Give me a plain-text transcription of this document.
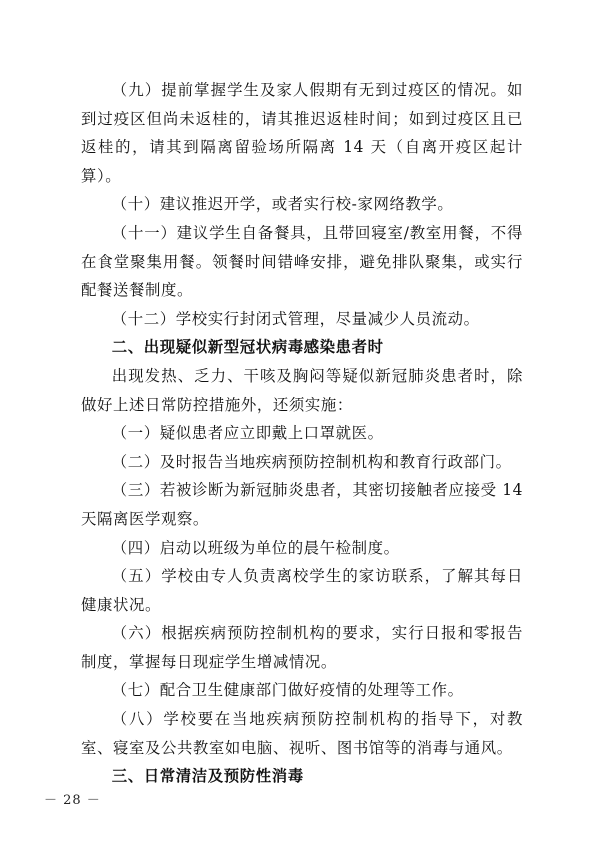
（九）提前掌握学生及家人假期有无到过疫区的情况。如到过疫区但尚未返桂的，请其推迟返桂时间；如到过疫区且已返桂的，请其到隔离留验场所隔离 14 天（自离开疫区起计算）。

（十）建议推迟开学，或者实行校-家网络教学。

（十一）建议学生自备餐具，且带回寝室/教室用餐，不得在食堂聚集用餐。领餐时间错峰安排，避免排队聚集，或实行配餐送餐制度。

（十二）学校实行封闭式管理，尽量减少人员流动。

二、出现疑似新型冠状病毒感染患者时

出现发热、乏力、干咳及胸闷等疑似新冠肺炎患者时，除做好上述日常防控措施外，还须实施：

（一）疑似患者应立即戴上口罩就医。

（二）及时报告当地疾病预防控制机构和教育行政部门。

（三）若被诊断为新冠肺炎患者，其密切接触者应接受 14 天隔离医学观察。

（四）启动以班级为单位的晨午检制度。

（五）学校由专人负责离校学生的家访联系，了解其每日健康状况。

（六）根据疾病预防控制机构的要求，实行日报和零报告制度，掌握每日现症学生增减情况。

（七）配合卫生健康部门做好疫情的处理等工作。

（八）学校要在当地疾病预防控制机构的指导下，对教室、寝室及公共教室如电脑、视听、图书馆等的消毒与通风。

三、日常清洁及预防性消毒
－ 28 －
